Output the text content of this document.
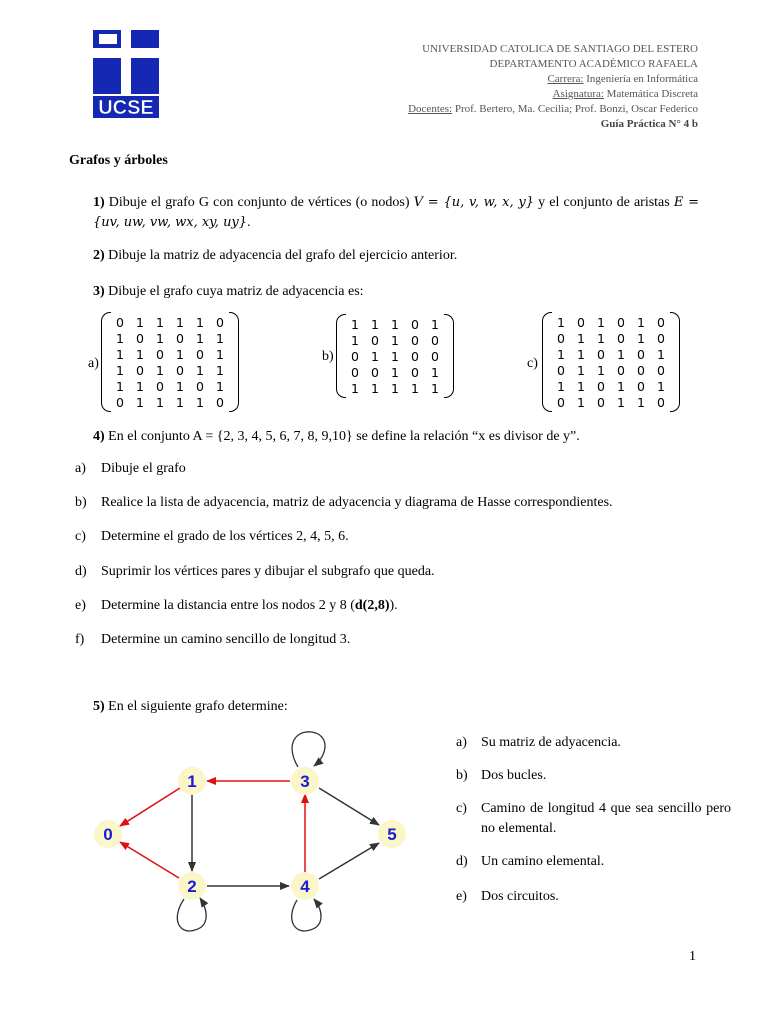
UCSE
UNIVERSIDAD CATOLICA DE SANTIAGO DEL ESTERO
DEPARTAMENTO ACADÉMICO RAFAELA
Carrera: Ingeniería en Informática
Asignatura: Matemática Discreta
Docentes: Prof. Bertero, Ma. Cecilia; Prof. Bonzi, Oscar Federico
Guía Práctica N° 4 b
Grafos y árboles
1) Dibuje el grafo G con conjunto de vértices (o nodos) V = {u, v, w, x, y} y el conjunto de aristas E = {uv, uw, vw, wx, xy, uy}.
2) Dibuje la matriz de adyacencia del grafo del ejercicio anterior.
3) Dibuje el grafo cuya matriz de adyacencia es:
a)
0	1	1	1	1	0
1	0	1	0	1	1
1	1	0	1	0	1
1	0	1	0	1	1
1	1	0	1	0	1
0	1	1	1	1	0
b)
1	1	1	0	1
1	0	1	0	0
0	1	1	0	0
0	0	1	0	1
1	1	1	1	1
c)
1	0	1	0	1	0
0	1	1	0	1	0
1	1	0	1	0	1
0	1	1	0	0	0
1	1	0	1	0	1
0	1	0	1	1	0
4) En el conjunto A = {2, 3, 4, 5, 6, 7, 8, 9,10} se define la relación “x es divisor de y”.
a) Dibuje el grafo
b) Realice la lista de adyacencia, matriz de adyacencia y diagrama de Hasse correspondientes.
c) Determine el grado de los vértices 2, 4, 5, 6.
d) Suprimir los vértices pares y dibujar el subgrafo que queda.
e) Determine la distancia entre los nodos 2 y 8 (d(2,8)).
f) Determine un camino sencillo de longitud 3.
5) En el siguiente grafo determine:
0
1
2
3
4
5
a) Su matriz de adyacencia.
b) Dos bucles.
c) Camino de longitud 4 que sea sencillo pero no elemental.
d) Un camino elemental.
e) Dos circuitos.
1
